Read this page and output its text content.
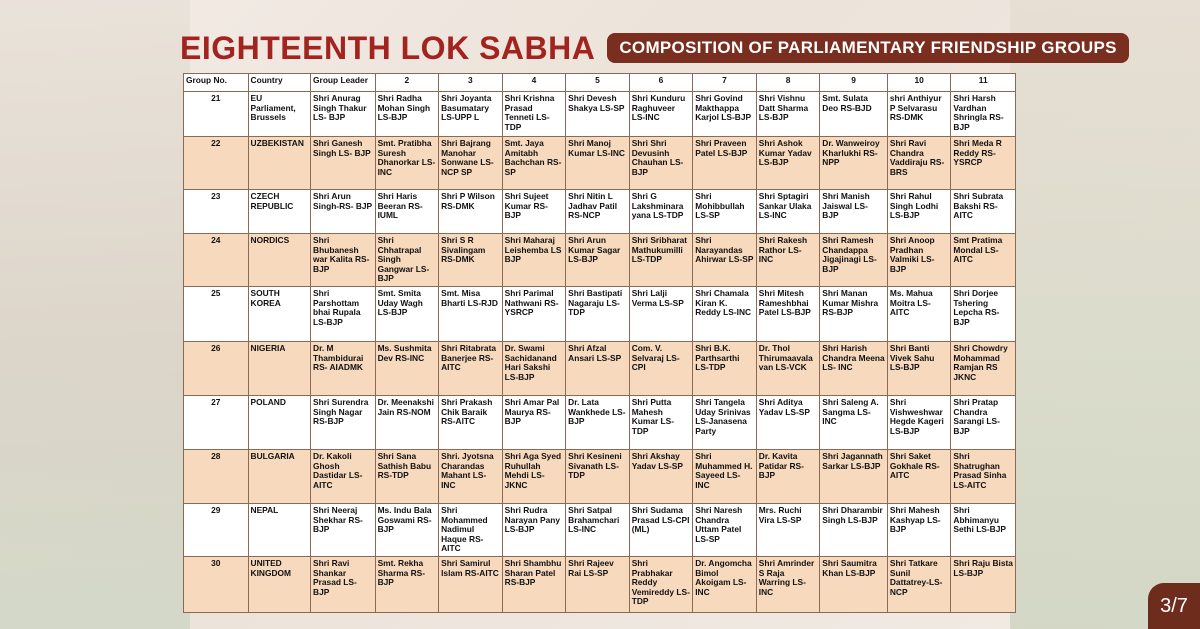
EIGHTEENTH LOK SABHA	COMPOSITION OF PARLIAMENTARY FRIENDSHIP GROUPS
Group No.	Country	Group Leader	2	3	4	5	6	7	8	9	10	11
21	EU Parliament, Brussels	Shri Anurag Singh Thakur LS- BJP	Shri Radha Mohan Singh LS-BJP	Shri Joyanta Basumatary LS-UPP L	Shri Krishna Prasad Tenneti LS-TDP	Shri Devesh Shakya LS-SP	Shri Kunduru Raghuveer LS-INC	Shri Govind Makthappa Karjol LS-BJP	Shri Vishnu Datt Sharma LS-BJP	Smt. Sulata Deo RS-BJD	shri Anthiyur P Selvarasu RS-DMK	Shri Harsh Vardhan Shringla RS-BJP
22	UZBEKISTAN	Shri Ganesh Singh LS- BJP	Smt. Pratibha Suresh Dhanorkar LS-INC	Shri Bajrang Manohar Sonwane LS-NCP SP	Smt. Jaya Amitabh Bachchan RS-SP	Shri Manoj Kumar LS-INC	Shri Shri Devusinh Chauhan LS-BJP	Shri Praveen Patel LS-BJP	Shri Ashok Kumar Yadav LS-BJP	Dr. Wanweiroy Kharlukhi RS-NPP	Shri Ravi Chandra Vaddiraju RS-BRS	Shri Meda R Reddy RS-YSRCP
23	CZECH REPUBLIC	Shri Arun Singh-RS- BJP	Shri Haris Beeran RS-IUML	Shri P Wilson RS-DMK	Shri Sujeet Kumar RS-BJP	Shri Nitin L Jadhav Patil RS-NCP	Shri G Lakshminara yana LS-TDP	Shri Mohibbullah LS-SP	Shri Sptagiri Sankar Ulaka LS-INC	Shri Manish Jaiswal LS- BJP	Shri Rahul Singh Lodhi LS-BJP	Shri Subrata Bakshi RS-AITC
24	NORDICS	Shri Bhubanesh war Kalita RS-BJP	Shri Chhatrapal Singh Gangwar LS-BJP	Shri S R Sivalingam RS-DMK	Shri Maharaj Leishemba LS BJP	Shri Arun Kumar Sagar LS-BJP	Shri Sribharat Mathukumilli LS-TDP	Shri Narayandas Ahirwar LS-SP	Shri Rakesh Rathor LS- INC	Shri Ramesh Chandappa Jigajinagi LS-BJP	Shri Anoop Pradhan Valmiki LS-BJP	Smt Pratima Mondal LS-AITC
25	SOUTH KOREA	Shri Parshottam bhai Rupala LS-BJP	Smt. Smita Uday Wagh LS-BJP	Smt. Misa Bharti LS-RJD	Shri Parimal Nathwani RS-YSRCP	Shri Bastipati Nagaraju LS-TDP	Shri Lalji Verma LS-SP	Shri Chamala Kiran K. Reddy LS-INC	Shri Mitesh Rameshbhai Patel LS-BJP	Shri Manan Kumar Mishra RS-BJP	Ms. Mahua Moitra LS-AITC	Shri Dorjee Tshering Lepcha RS-BJP
26	NIGERIA	Dr. M Thambidurai RS- AIADMK	Ms. Sushmita Dev RS-INC	Shri Ritabrata Banerjee RS-AITC	Dr. Swami Sachidanand Hari Sakshi LS-BJP	Shri Afzal Ansari LS-SP	Com. V. Selvaraj LS-CPI	Shri B.K. Parthsarthi LS-TDP	Dr. Thol Thirumaavala van LS-VCK	Shri Harish Chandra Meena LS- INC	Shri Banti Vivek Sahu LS-BJP	Shri Chowdry Mohammad Ramjan RS JKNC
27	POLAND	Shri Surendra Singh Nagar RS-BJP	Dr. Meenakshi Jain RS-NOM	Shri Prakash Chik Baraik RS-AITC	Shri Amar Pal Maurya RS-BJP	Dr. Lata Wankhede LS-BJP	Shri Putta Mahesh Kumar LS- TDP	Shri Tangela Uday Srinivas LS-Janasena Party	Shri Aditya Yadav LS-SP	Shri Saleng A. Sangma LS-INC	Shri Vishweshwar Hegde Kageri LS-BJP	Shri Pratap Chandra Sarangi LS-BJP
28	BULGARIA	Dr. Kakoli Ghosh Dastidar LS-AITC	Shri Sana Sathish Babu RS-TDP	Shri. Jyotsna Charandas Mahant LS-INC	Shri Aga Syed Ruhullah Mehdi LS-JKNC	Shri Kesineni Sivanath LS-TDP	Shri Akshay Yadav LS-SP	Shri Muhammed H. Sayeed LS-INC	Dr. Kavita Patidar RS-BJP	Shri Jagannath Sarkar LS-BJP	Shri Saket Gokhale RS-AITC	Shri Shatrughan Prasad Sinha LS-AITC
29	NEPAL	Shri Neeraj Shekhar RS-BJP	Ms. Indu Bala Goswami RS-BJP	Shri Mohammed Nadimul Haque RS-AITC	Shri Rudra Narayan Pany LS-BJP	Shri Satpal Brahamchari LS-INC	Shri Sudama Prasad LS-CPI (ML)	Shri Naresh Chandra Uttam Patel LS-SP	Mrs. Ruchi Vira LS-SP	Shri Dharambir Singh LS-BJP	Shri Mahesh Kashyap LS-BJP	Shri Abhimanyu Sethi LS-BJP
30	UNITED KINGDOM	Shri Ravi Shankar Prasad LS-BJP	Smt. Rekha Sharma RS-BJP	Shri Samirul Islam RS-AITC	Shri Shambhu Sharan Patel RS-BJP	Shri Rajeev Rai LS-SP	Shri Prabhakar Reddy Vemireddy LS-TDP	Dr. Angomcha Bimol Akoigam LS-INC	Shri Amrinder S Raja Warring LS-INC	Shri Saumitra Khan LS-BJP	Shri Tatkare Sunil Dattatrey-LS- NCP	Shri Raju Bista LS-BJP
3/7
